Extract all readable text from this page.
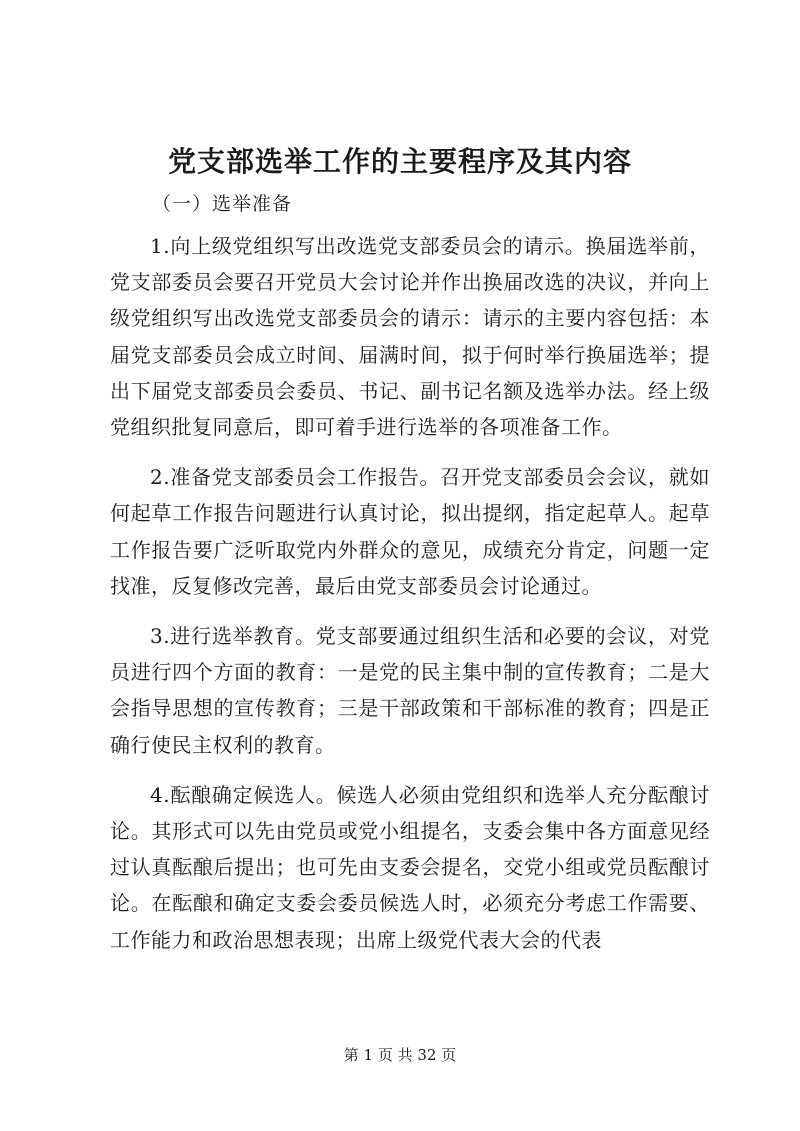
党支部选举工作的主要程序及其内容

（一）选举准备

1.向上级党组织写出改选党支部委员会的请示。换届选举前，党支部委员会要召开党员大会讨论并作出换届改选的决议，并向上级党组织写出改选党支部委员会的请示：请示的主要内容包括：本届党支部委员会成立时间、届满时间，拟于何时举行换届选举；提出下届党支部委员会委员、书记、副书记名额及选举办法。经上级党组织批复同意后，即可着手进行选举的各项准备工作。

2.准备党支部委员会工作报告。召开党支部委员会会议，就如何起草工作报告问题进行认真讨论，拟出提纲，指定起草人。起草工作报告要广泛听取党内外群众的意见，成绩充分肯定，问题一定找准，反复修改完善，最后由党支部委员会讨论通过。

3.进行选举教育。党支部要通过组织生活和必要的会议，对党员进行四个方面的教育：一是党的民主集中制的宣传教育；二是大会指导思想的宣传教育；三是干部政策和干部标准的教育；四是正确行使民主权利的教育。

4.酝酿确定候选人。候选人必须由党组织和选举人充分酝酿讨论。其形式可以先由党员或党小组提名，支委会集中各方面意见经过认真酝酿后提出；也可先由支委会提名，交党小组或党员酝酿讨论。在酝酿和确定支委会委员候选人时，必须充分考虑工作需要、工作能力和政治思想表现；出席上级党代表大会的代表

第 1 页 共 32 页
